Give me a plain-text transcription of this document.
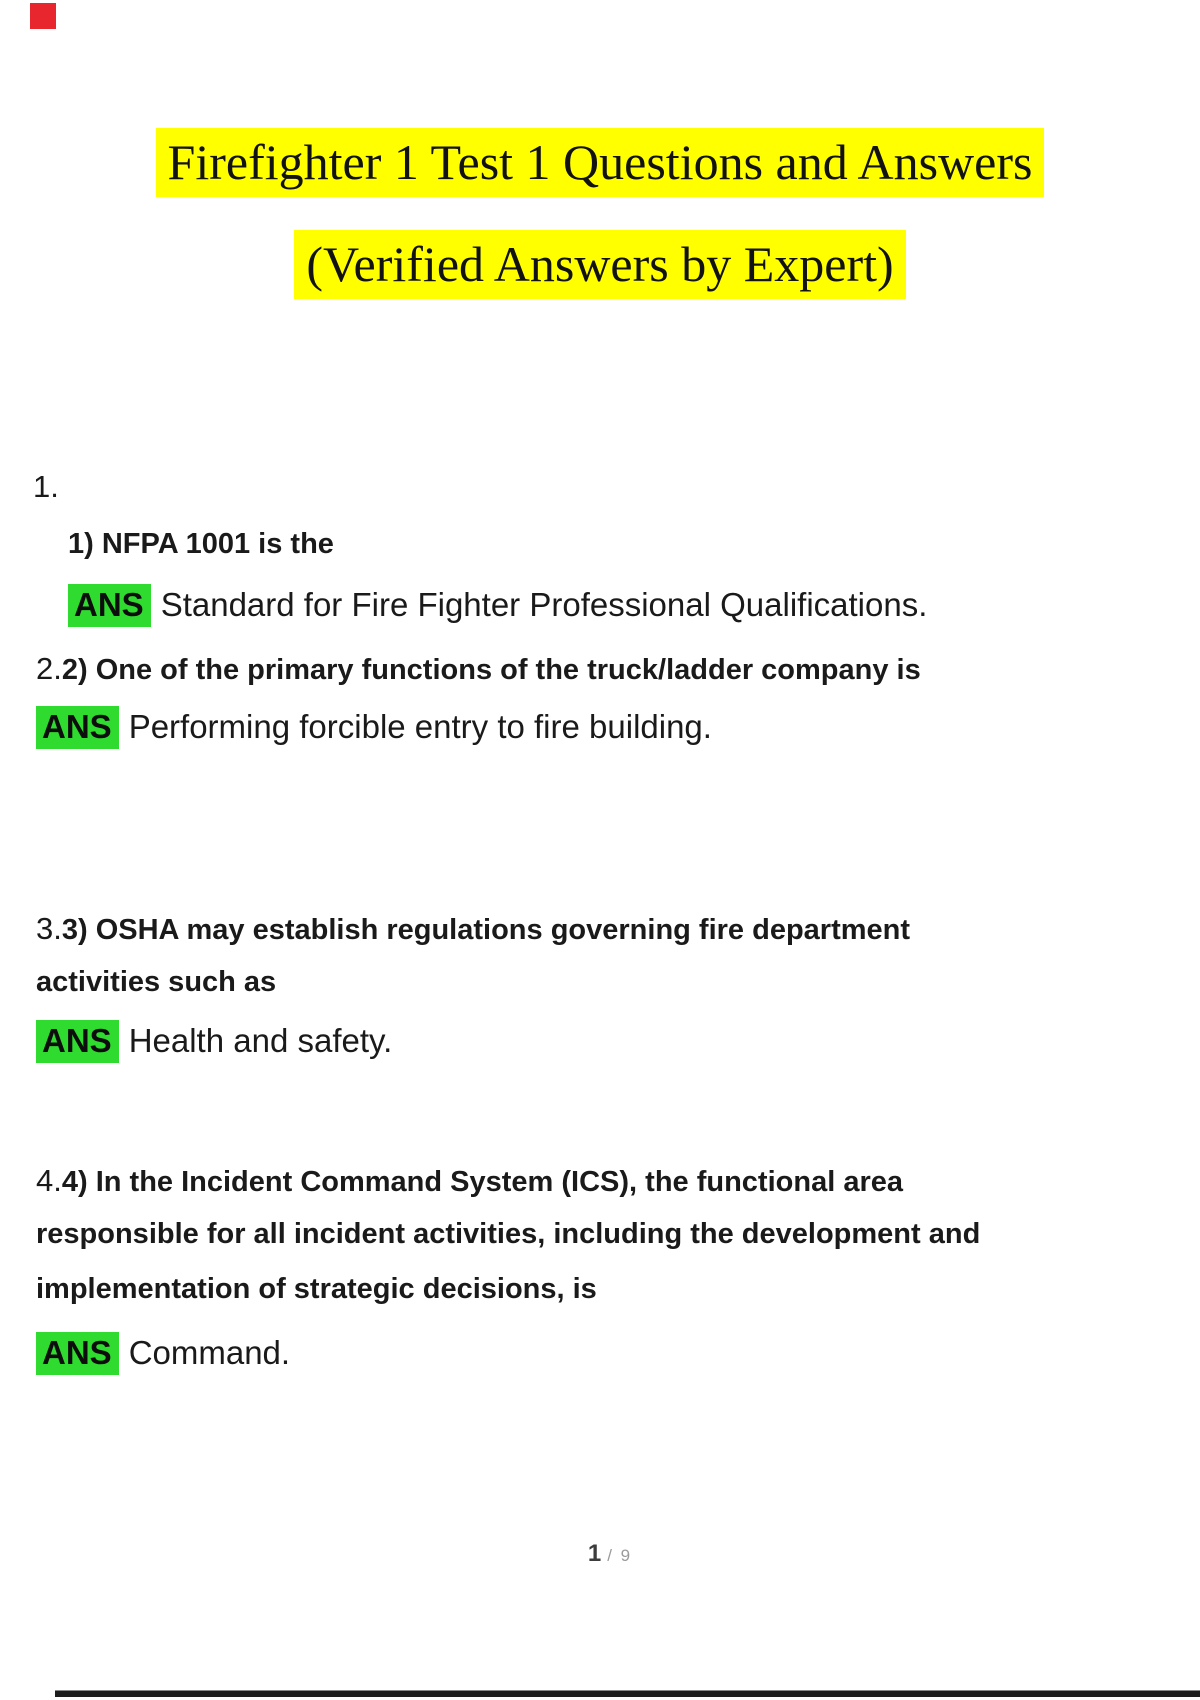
Firefighter 1 Test 1 Questions and Answers
(Verified Answers by Expert)
1.
1) NFPA 1001 is the
ANS Standard for Fire Fighter Professional Qualifications.
2.2) One of the primary functions of the truck/ladder company is
ANS Performing forcible entry to fire building.
3.3) OSHA may establish regulations governing fire department
activities such as
ANS Health and safety.
4.4) In the Incident Command System (ICS), the functional area
responsible for all incident activities, including the development and
implementation of strategic decisions, is
ANS Command.
1 / 9
